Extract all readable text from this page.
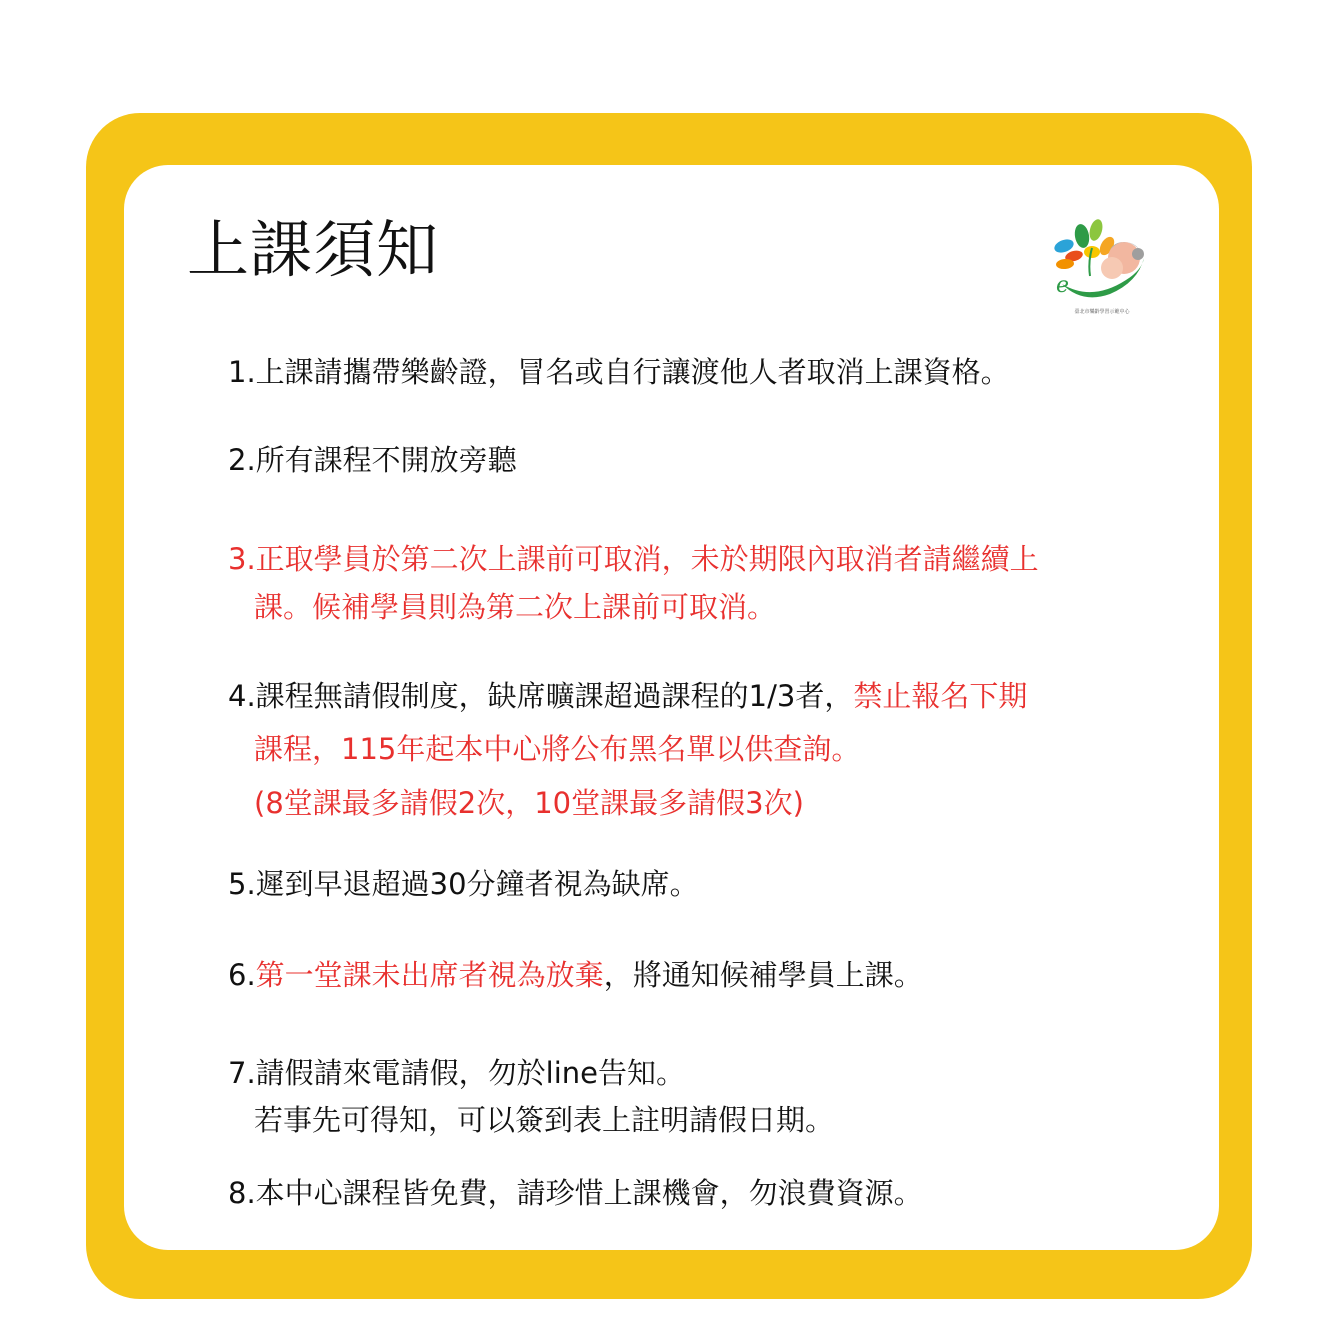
上課須知	e
臺北市樂齡學習示範中心
1.上課請攜帶樂齡證，冒名或自行讓渡他人者取消上課資格。
2.所有課程不開放旁聽
3.正取學員於第二次上課前可取消，未於期限內取消者請繼續上
課。候補學員則為第二次上課前可取消。
4.課程無請假制度，缺席曠課超過課程的1/3者，禁止報名下期
課程，115年起本中心將公布黑名單以供查詢。
(8堂課最多請假2次，10堂課最多請假3次)
5.遲到早退超過30分鐘者視為缺席。
6.第一堂課未出席者視為放棄，將通知候補學員上課。
7.請假請來電請假，勿於line告知。
若事先可得知，可以簽到表上註明請假日期。
8.本中心課程皆免費，請珍惜上課機會，勿浪費資源。
